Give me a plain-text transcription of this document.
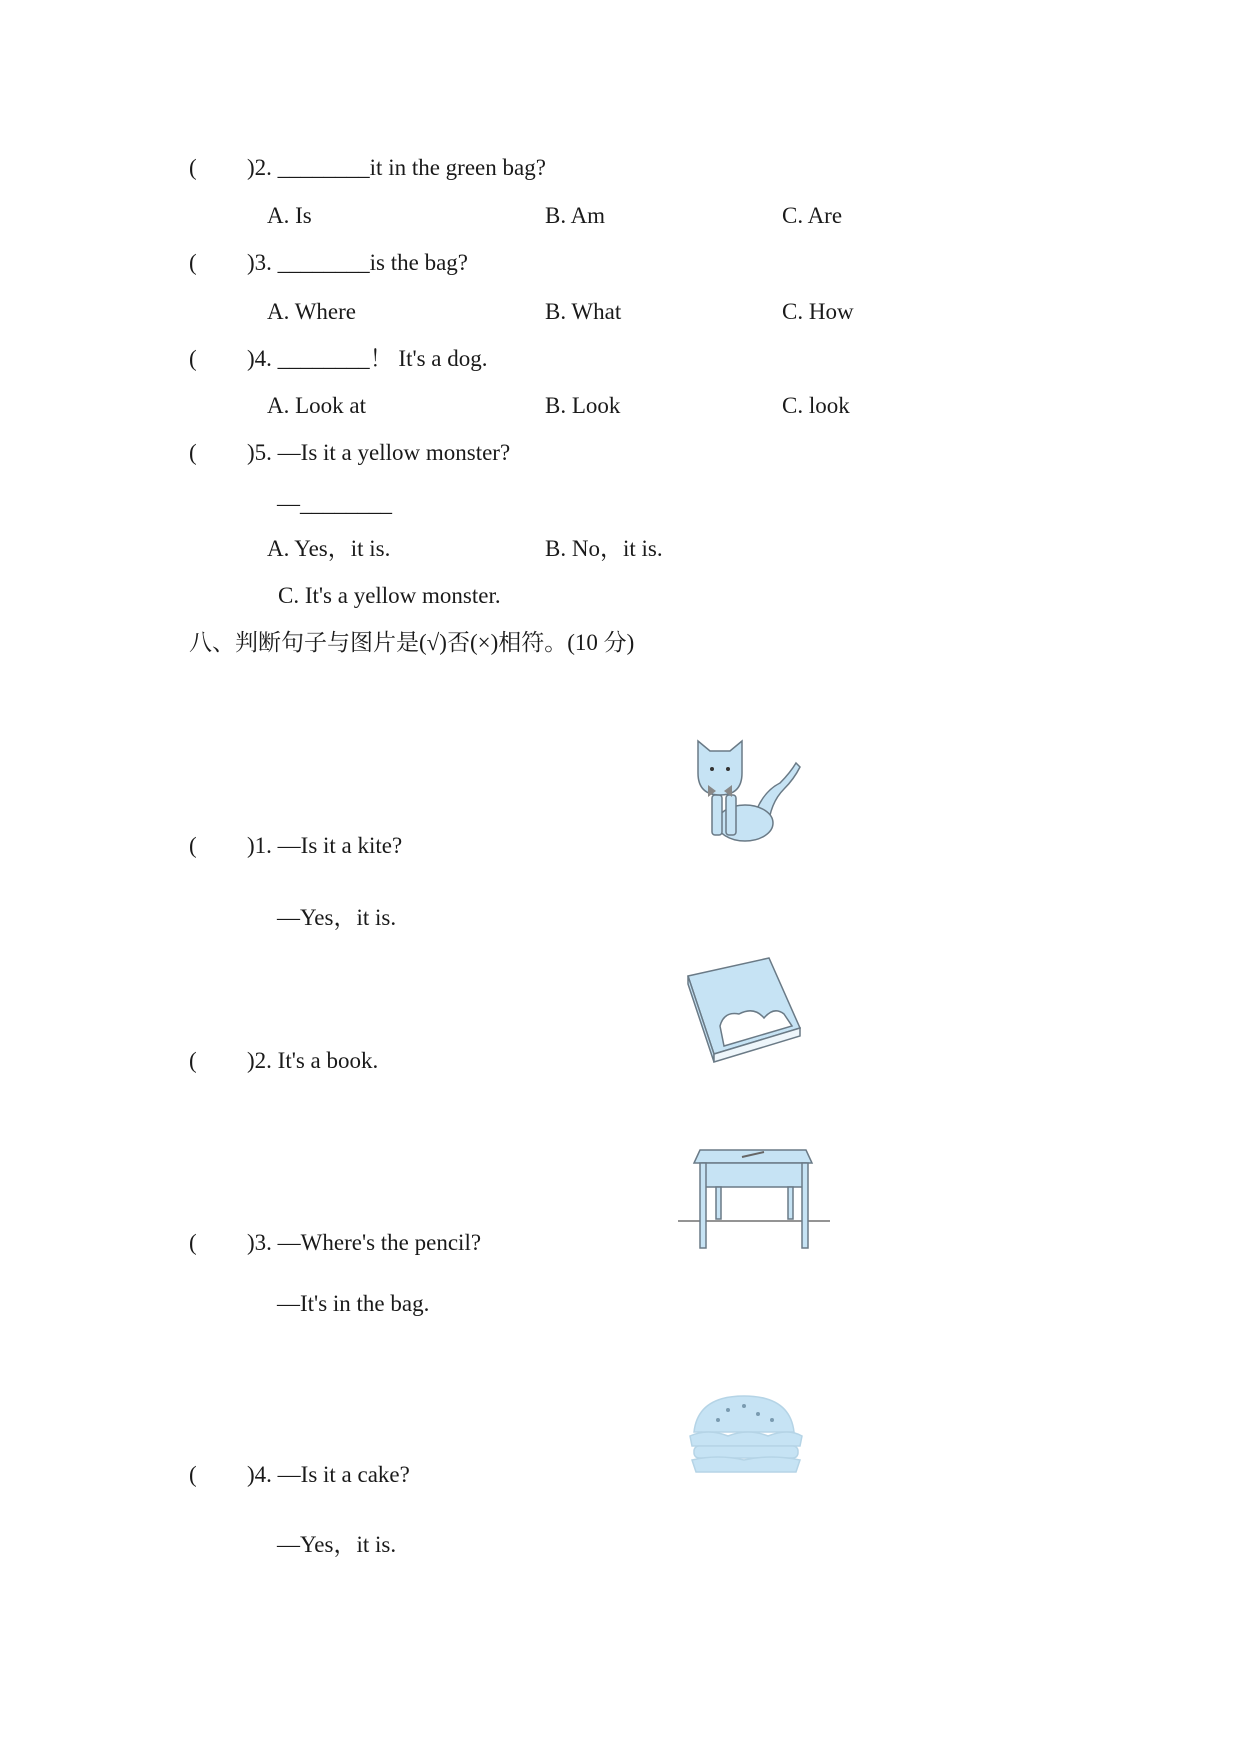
( )2. ________it in the green bag?
A. Is	B. Am	C. Are
( )3. ________is the bag?
A. Where	B. What	C. How
( )4. ________！ It's a dog.
A. Look at	B. Look	C. look
( )5. —Is it a yellow monster?
—________
A. Yes，it is.	B. No，it is.
C. It's a yellow monster.
八、判断句子与图片是(√)否(×)相符。(10 分)
( )1. —Is it a kite?
—Yes，it is.
( )2. It's a book.
( )3. —Where's the pencil?
—It's in the bag.
( )4. —Is it a cake?
—Yes，it is.
